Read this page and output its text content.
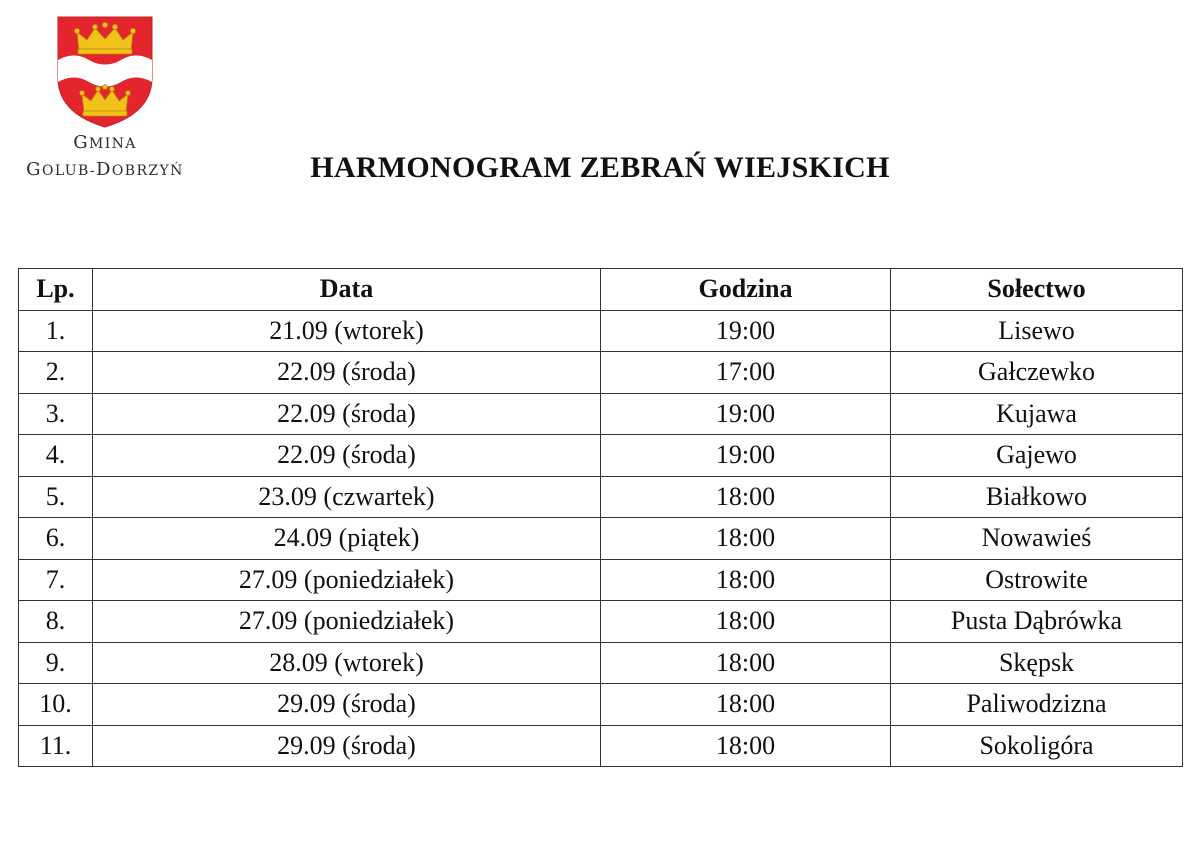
GMINA
GOLUB-DOBRZYŃ	HARMONOGRAM ZEBRAŃ WIEJSKICH
Lp.	Data	Godzina	Sołectwo
1.	21.09 (wtorek)	19:00	Lisewo
2.	22.09 (środa)	17:00	Gałczewko
3.	22.09 (środa)	19:00	Kujawa
4.	22.09 (środa)	19:00	Gajewo
5.	23.09 (czwartek)	18:00	Białkowo
6.	24.09 (piątek)	18:00	Nowawieś
7.	27.09 (poniedziałek)	18:00	Ostrowite
8.	27.09 (poniedziałek)	18:00	Pusta Dąbrówka
9.	28.09 (wtorek)	18:00	Skępsk
10.	29.09 (środa)	18:00	Paliwodzizna
11.	29.09 (środa)	18:00	Sokoligóra
